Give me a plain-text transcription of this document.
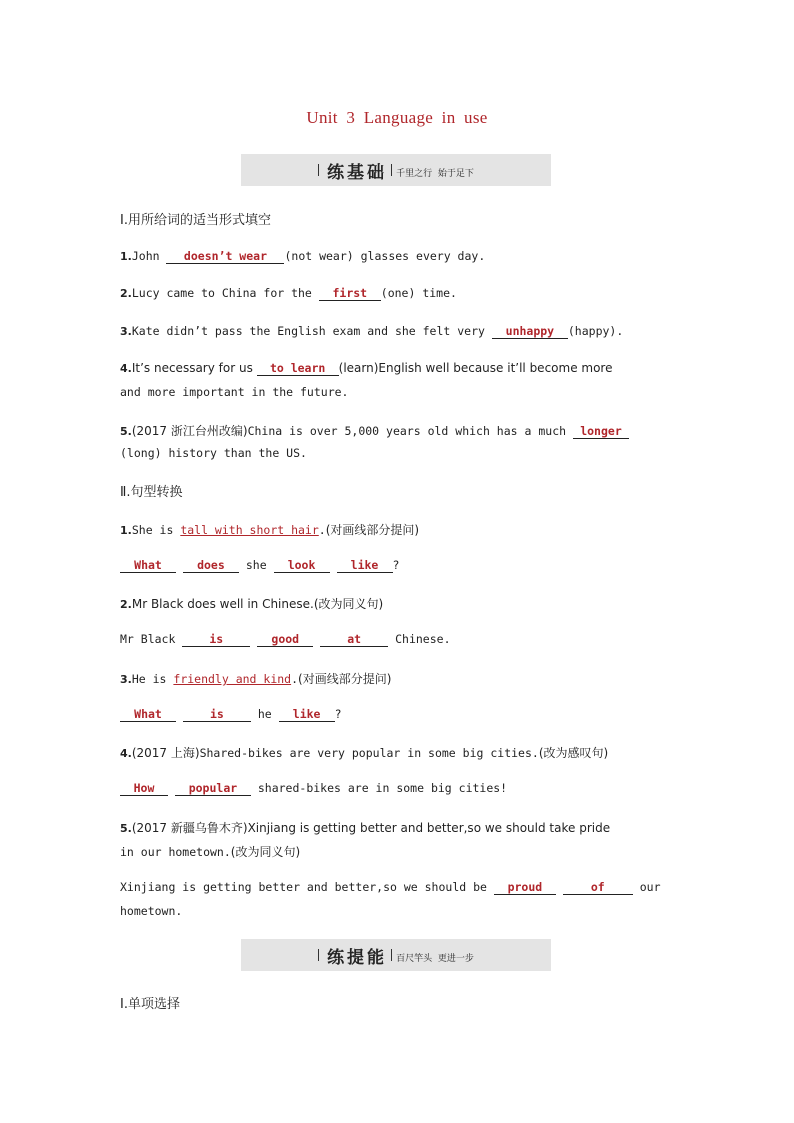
Unit 3 Language in use
练基础 千里之行 始于足下
Ⅰ.用所给词的适当形式填空
1.John doesn’t wear (not wear) glasses every day.
2.Lucy came to China for the first (one) time.
3.Kate didn’t pass the English exam and she felt very unhappy (happy).
4.It’s necessary for us to learn (learn)English well because it’ll become more
and more important in the future.
5.(2017 浙江台州改编)China is over 5,000 years old which has a much longer
(long) history than the US.
Ⅱ.句型转换
1.She is tall with short hair.(对画线部分提问)
What	does she look	like ?
2.Mr Black does well in Chinese.(改为同义句)
Mr Black is	good	at Chinese.
3.He is friendly and kind.(对画线部分提问)
What	is he like ?
4.(2017 上海)Shared-bikes are very popular in some big cities.(改为感叹句)
How	popular shared-bikes are in some big cities!
5.(2017 新疆乌鲁木齐)Xinjiang is getting better and better,so we should take pride
in our hometown.(改为同义句)
Xinjiang is getting better and better,so we should be proud	of our
hometown.
练提能 百尺竿头 更进一步
Ⅰ.单项选择
